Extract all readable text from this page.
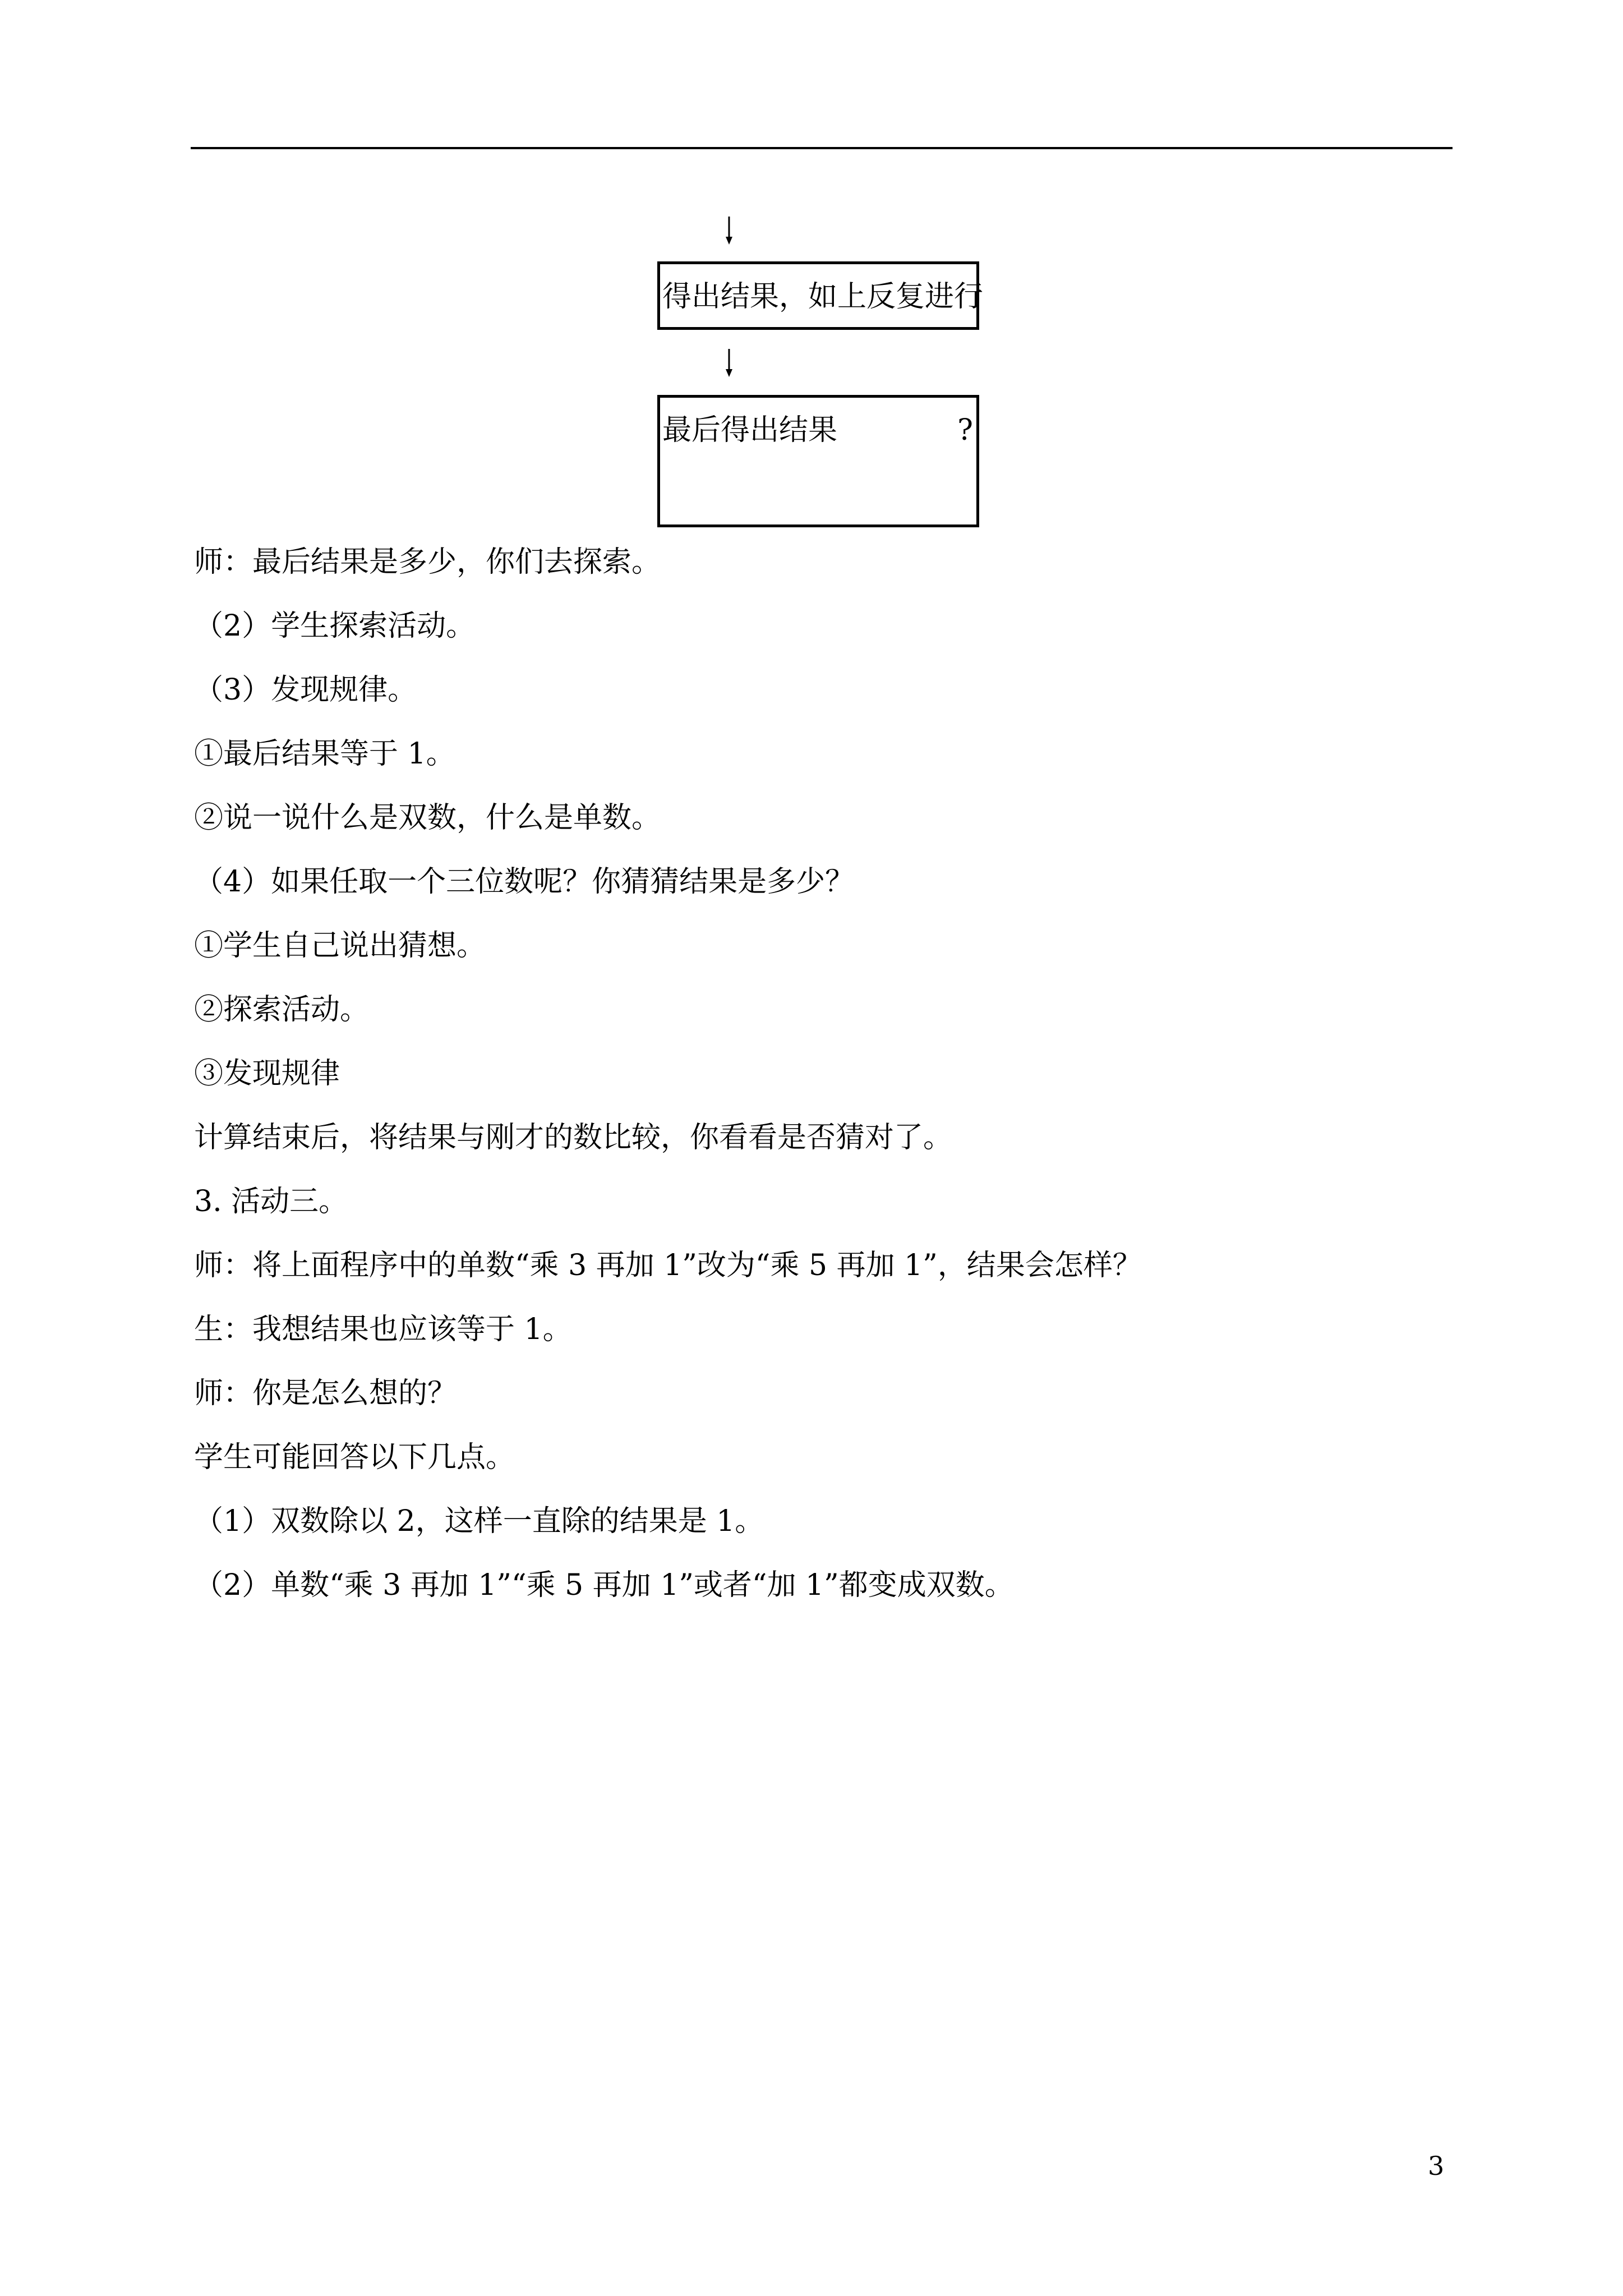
得出结果，如上反复进行
最后得出结果	?
师：最后结果是多少，你们去探索。
（2）学生探索活动。
（3）发现规律。
①最后结果等于 1。
②说一说什么是双数，什么是单数。
（4）如果任取一个三位数呢？你猜猜结果是多少？
①学生自己说出猜想。
②探索活动。
③发现规律
计算结束后，将结果与刚才的数比较，你看看是否猜对了。
3. 活动三。
师：将上面程序中的单数“乘 3 再加 1”改为“乘 5 再加 1”，结果会怎样？
生：我想结果也应该等于 1。
师：你是怎么想的？
学生可能回答以下几点。
（1）双数除以 2，这样一直除的结果是 1。
（2）单数“乘 3 再加 1”“乘 5 再加 1”或者“加 1”都变成双数。
3
